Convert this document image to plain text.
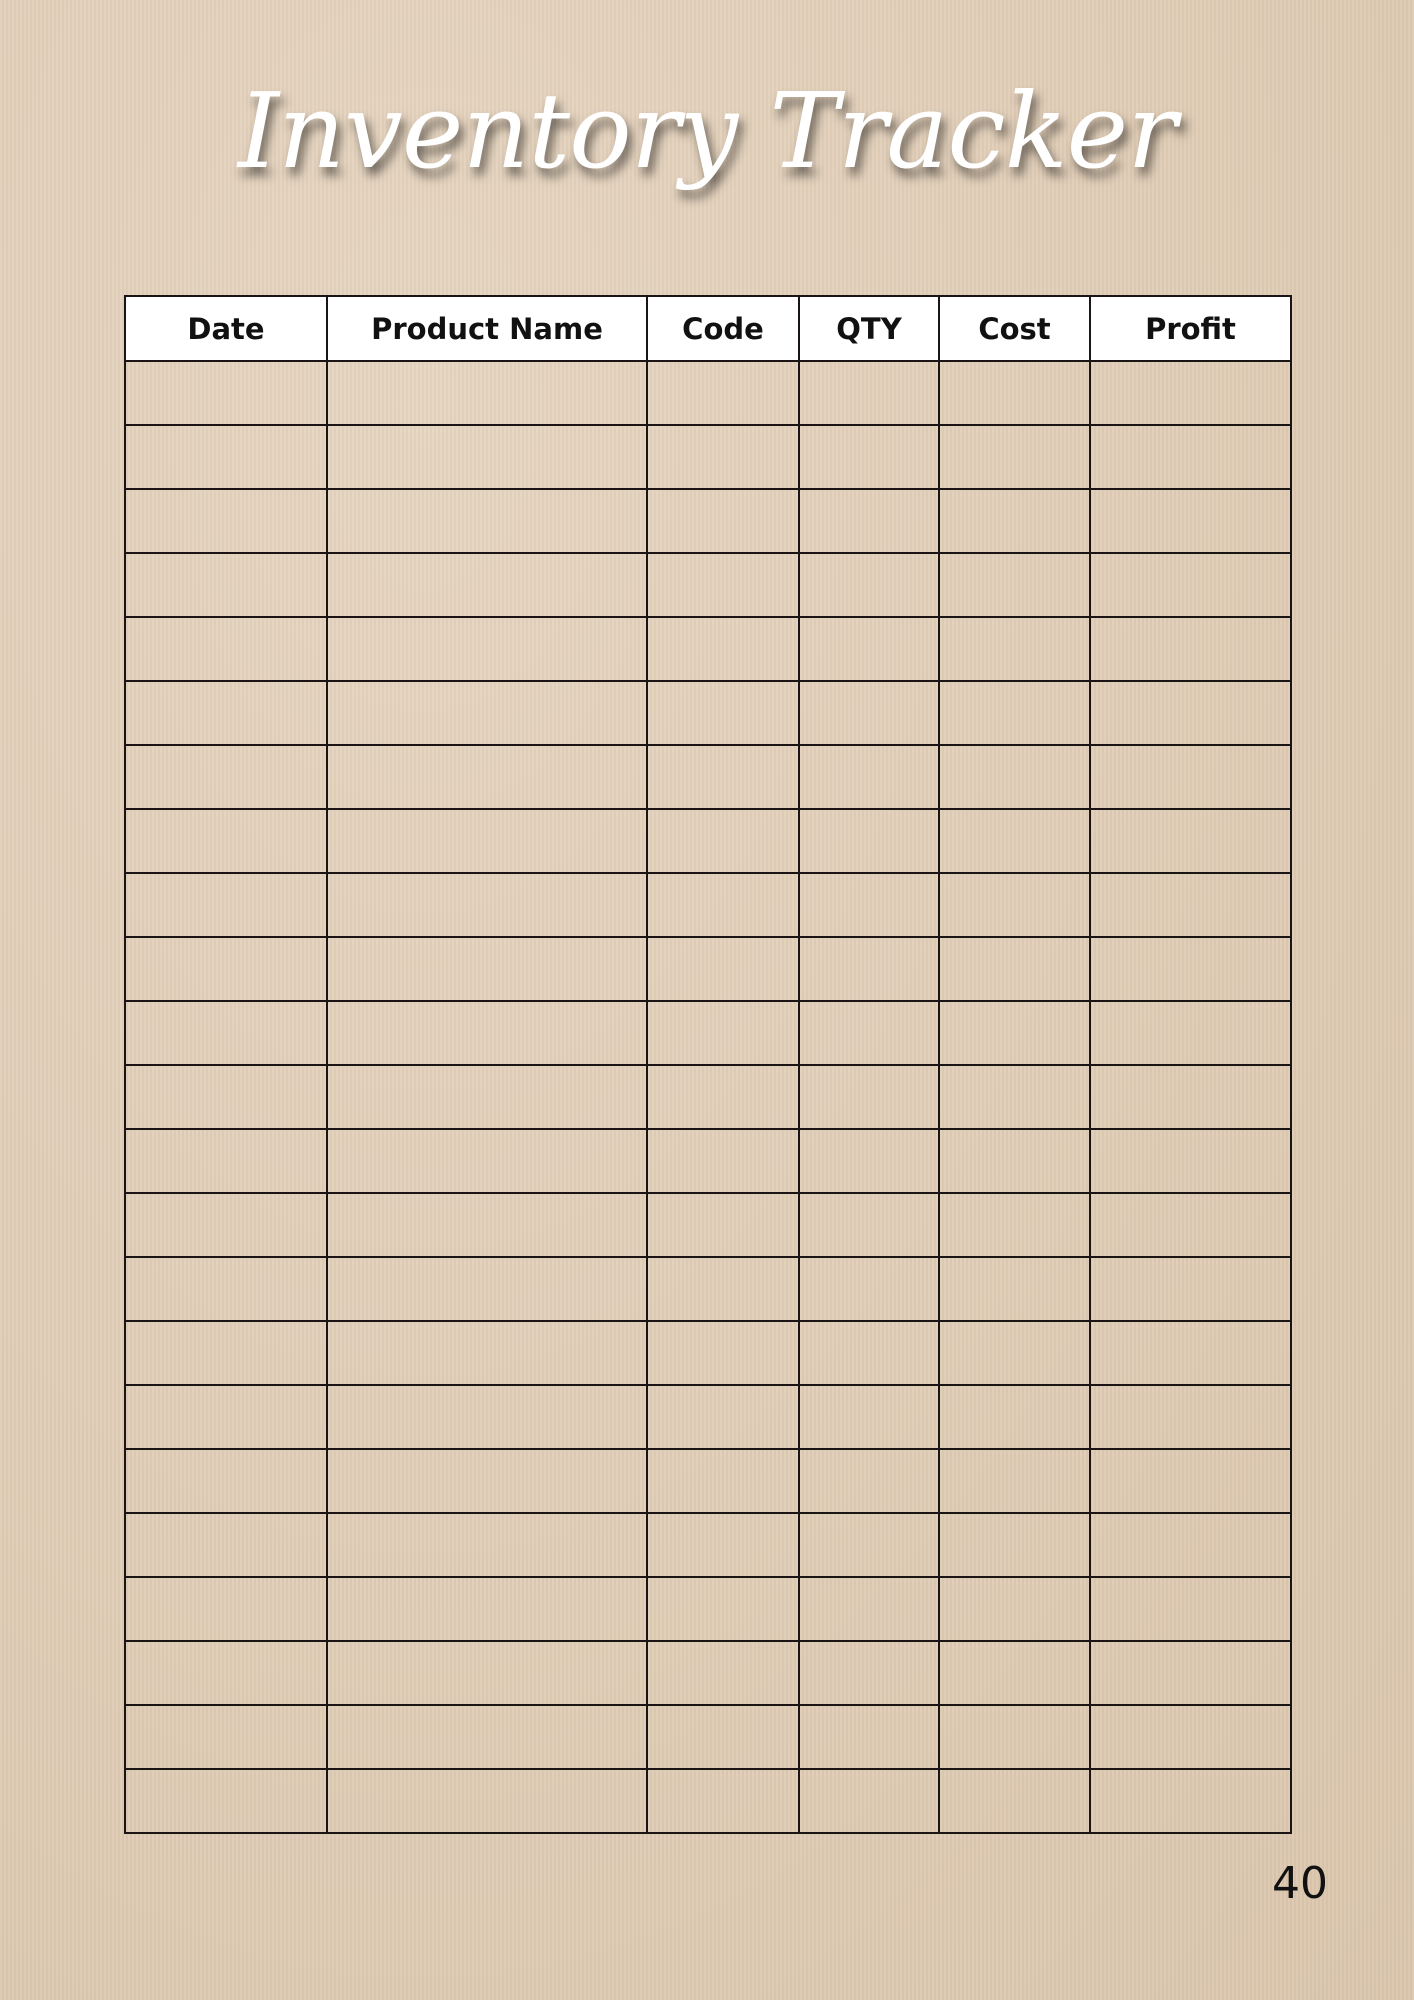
Inventory Tracker
Date	Product Name	Code	QTY	Cost	Profit

40
